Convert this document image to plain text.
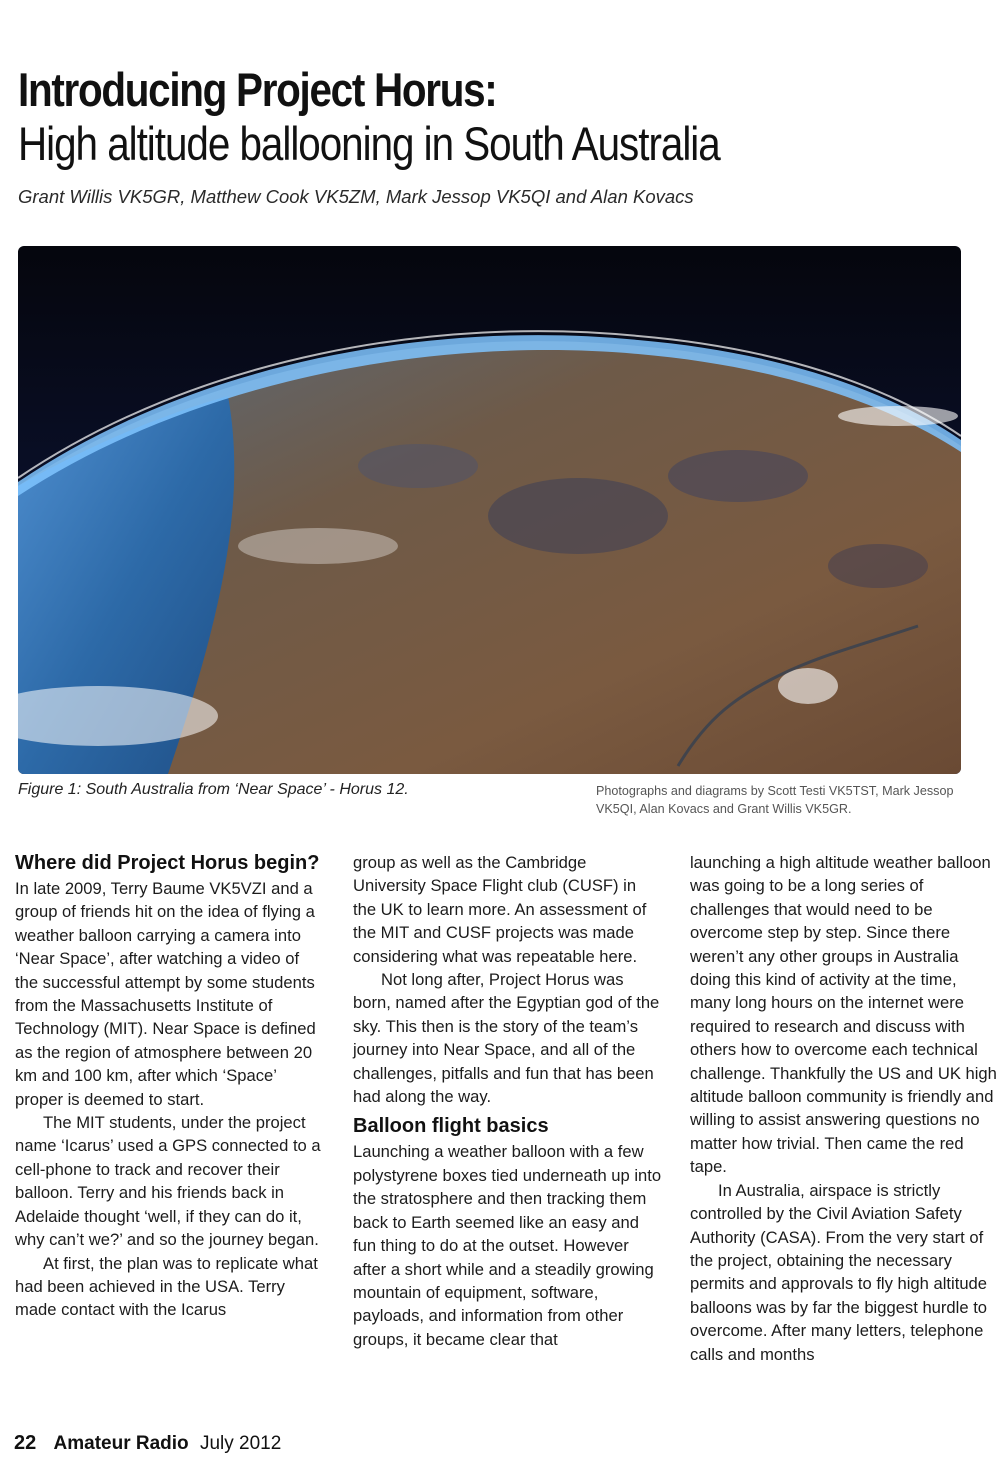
Introducing Project Horus:
High altitude ballooning in South Australia
Grant Willis VK5GR, Matthew Cook VK5ZM, Mark Jessop VK5QI and Alan Kovacs
Figure 1: South Australia from ‘Near Space’ - Horus 12.	Photographs and diagrams by Scott Testi VK5TST, Mark Jessop VK5QI, Alan Kovacs and Grant Willis VK5GR.
Where did Project Horus begin?

In late 2009, Terry Baume VK5VZI and a group of friends hit on the idea of flying a weather balloon carrying a camera into ‘Near Space’, after watching a video of the successful attempt by some students from the Massachusetts Institute of Technology (MIT). Near Space is defined as the region of atmosphere between 20 km and 100 km, after which ‘Space’ proper is deemed to start.

The MIT students, under the project name ‘Icarus’ used a GPS connected to a cell-phone to track and recover their balloon. Terry and his friends back in Adelaide thought ‘well, if they can do it, why can’t we?’ and so the journey began.

At first, the plan was to replicate what had been achieved in the USA. Terry made contact with the Icarus

group as well as the Cambridge University Space Flight club (CUSF) in the UK to learn more. An assessment of the MIT and CUSF projects was made considering what was repeatable here.

Not long after, Project Horus was born, named after the Egyptian god of the sky. This then is the story of the team’s journey into Near Space, and all of the challenges, pitfalls and fun that has been had along the way.

Balloon flight basics

Launching a weather balloon with a few polystyrene boxes tied underneath up into the stratosphere and then tracking them back to Earth seemed like an easy and fun thing to do at the outset. However after a short while and a steadily growing mountain of equipment, software, payloads, and information from other groups, it became clear that

launching a high altitude weather balloon was going to be a long series of challenges that would need to be overcome step by step. Since there weren’t any other groups in Australia doing this kind of activity at the time, many long hours on the internet were required to research and discuss with others how to overcome each technical challenge. Thankfully the US and UK high altitude balloon community is friendly and willing to assist answering questions no matter how trivial. Then came the red tape.

In Australia, airspace is strictly controlled by the Civil Aviation Safety Authority (CASA). From the very start of the project, obtaining the necessary permits and approvals to fly high altitude balloons was by far the biggest hurdle to overcome. After many letters, telephone calls and months

22 Amateur Radio July 2012
